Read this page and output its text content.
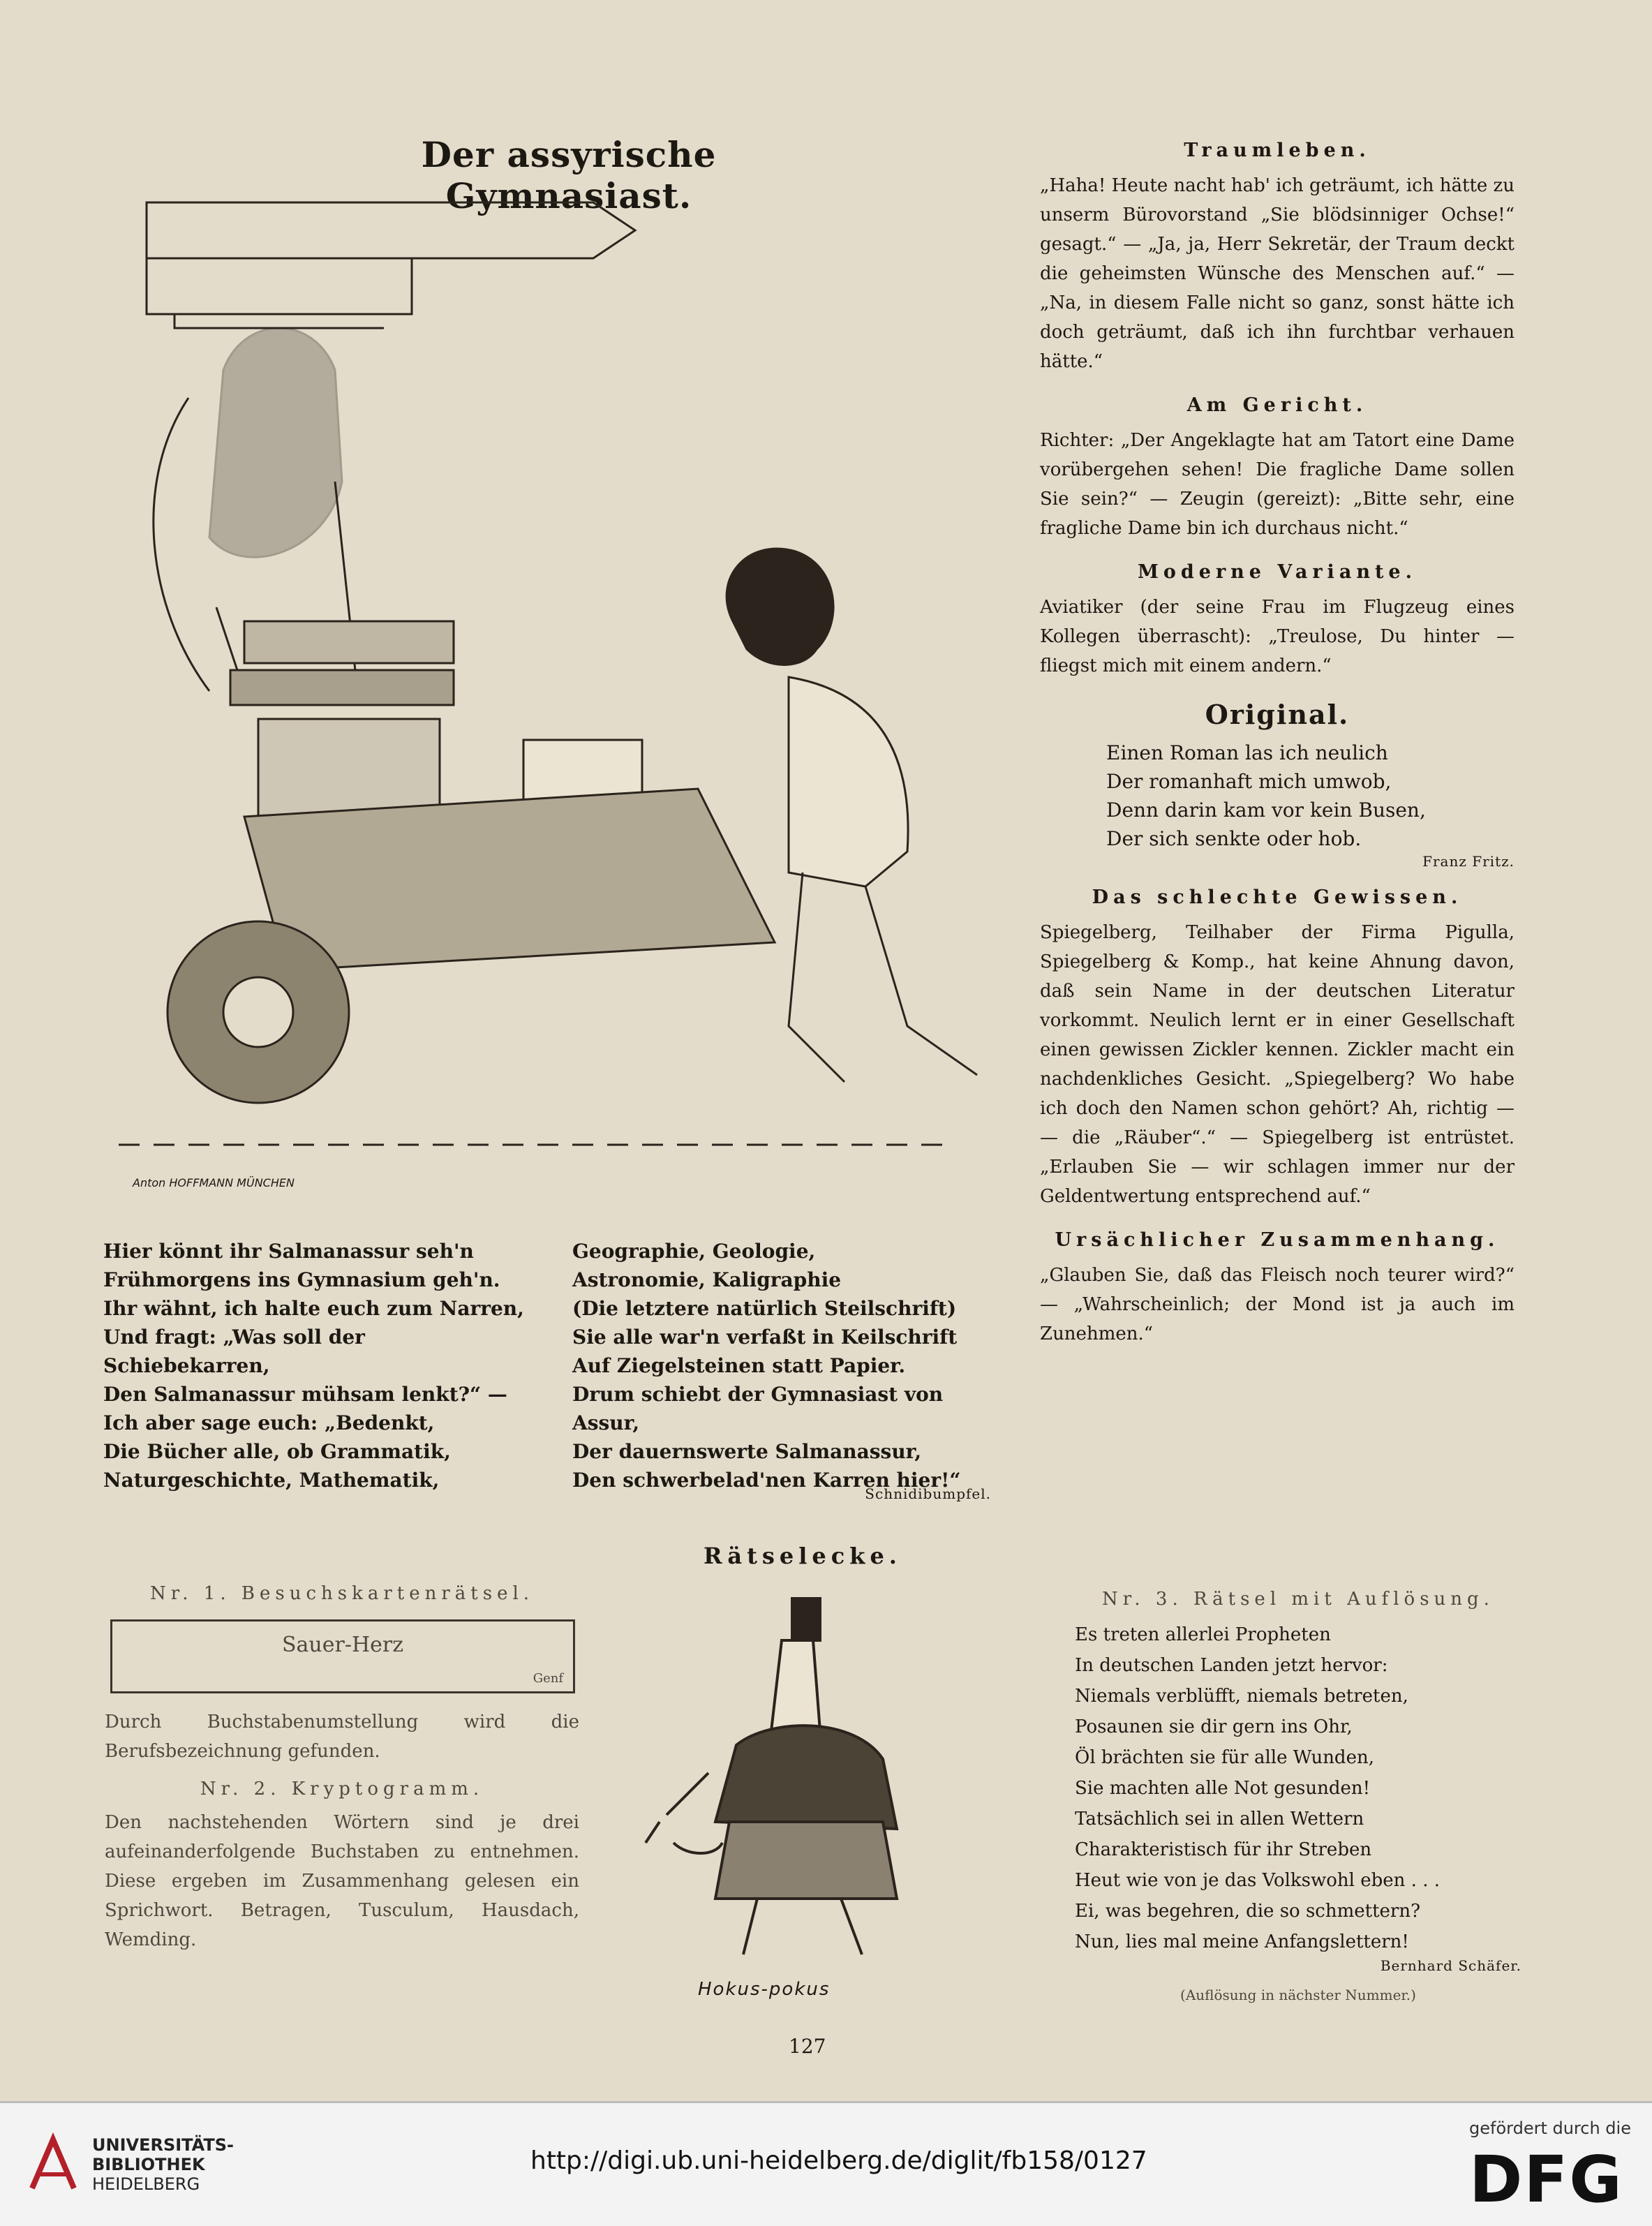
Der assyrische Gymnasiast.
Anton HOFFMANN MÜNCHEN
Hier könnt ihr Salmanassur seh'n
Frühmorgens ins Gymnasium geh'n.
Ihr wähnt, ich halte euch zum Narren,
Und fragt: „Was soll der Schiebekarren,
Den Salmanassur mühsam lenkt?“ —
Ich aber sage euch: „Bedenkt,
Die Bücher alle, ob Grammatik,
Naturgeschichte, Mathematik,
Geographie, Geologie,
Astronomie, Kaligraphie
(Die letztere natürlich Steilschrift)
Sie alle war'n verfaßt in Keilschrift
Auf Ziegelsteinen statt Papier.
Drum schiebt der Gymnasiast von Assur,
Der dauernswerte Salmanassur,
Den schwerbelad'nen Karren hier!“
Schnidibumpfel.
Traumleben.
„Haha! Heute nacht hab' ich geträumt, ich hätte zu unserm Bürovorstand „Sie blödsinniger Ochse!“ gesagt.“ — „Ja, ja, Herr Sekretär, der Traum deckt die geheimsten Wünsche des Menschen auf.“ — „Na, in diesem Falle nicht so ganz, sonst hätte ich doch geträumt, daß ich ihn furchtbar verhauen hätte.“
Am Gericht.
Richter: „Der Angeklagte hat am Tatort eine Dame vorübergehen sehen! Die fragliche Dame sollen Sie sein?“ — Zeugin (gereizt): „Bitte sehr, eine fragliche Dame bin ich durchaus nicht.“
Moderne Variante.
Aviatiker (der seine Frau im Flugzeug eines Kollegen überrascht): „Treulose, Du hinter — fliegst mich mit einem andern.“
Original.
Einen Roman las ich neulich
Der romanhaft mich umwob,
Denn darin kam vor kein Busen,
Der sich senkte oder hob.
Franz Fritz.
Das schlechte Gewissen.
Spiegelberg, Teilhaber der Firma Pigulla, Spiegelberg & Komp., hat keine Ahnung davon, daß sein Name in der deutschen Literatur vorkommt. Neulich lernt er in einer Gesellschaft einen gewissen Zickler kennen. Zickler macht ein nachdenkliches Gesicht. „Spiegelberg? Wo habe ich doch den Namen schon gehört? Ah, richtig — — die „Räuber“.“ — Spiegelberg ist entrüstet. „Erlauben Sie — wir schlagen immer nur der Geldentwertung entsprechend auf.“
Ursächlicher Zusammenhang.
„Glauben Sie, daß das Fleisch noch teurer wird?“ — „Wahrscheinlich; der Mond ist ja auch im Zunehmen.“
Rätselecke.
Nr. 1. Besuchskartenrätsel.
Sauer-Herz
Genf
Durch Buchstabenumstellung wird die Berufsbezeichnung gefunden.
Nr. 2. Kryptogramm.
Den nachstehenden Wörtern sind je drei aufeinanderfolgende Buchstaben zu entnehmen. Diese ergeben im Zusammenhang gelesen ein Sprichwort. Betragen, Tusculum, Hausdach, Wemding.
Hokus-pokus
Nr. 3. Rätsel mit Auflösung.
Es treten allerlei Propheten
In deutschen Landen jetzt hervor:
Niemals verblüfft, niemals betreten,
Posaunen sie dir gern ins Ohr,
Öl brächten sie für alle Wunden,
Sie machten alle Not gesunden!
Tatsächlich sei in allen Wettern
Charakteristisch für ihr Streben
Heut wie von je das Volkswohl eben . . .
Ei, was begehren, die so schmettern?
Nun, lies mal meine Anfangslettern!
Bernhard Schäfer.
(Auflösung in nächster Nummer.)
127
UNIVERSITÄTS-
BIBLIOTHEK
HEIDELBERG
http://digi.ub.uni-heidelberg.de/diglit/fb158/0127
gefördert durch die
DFG
